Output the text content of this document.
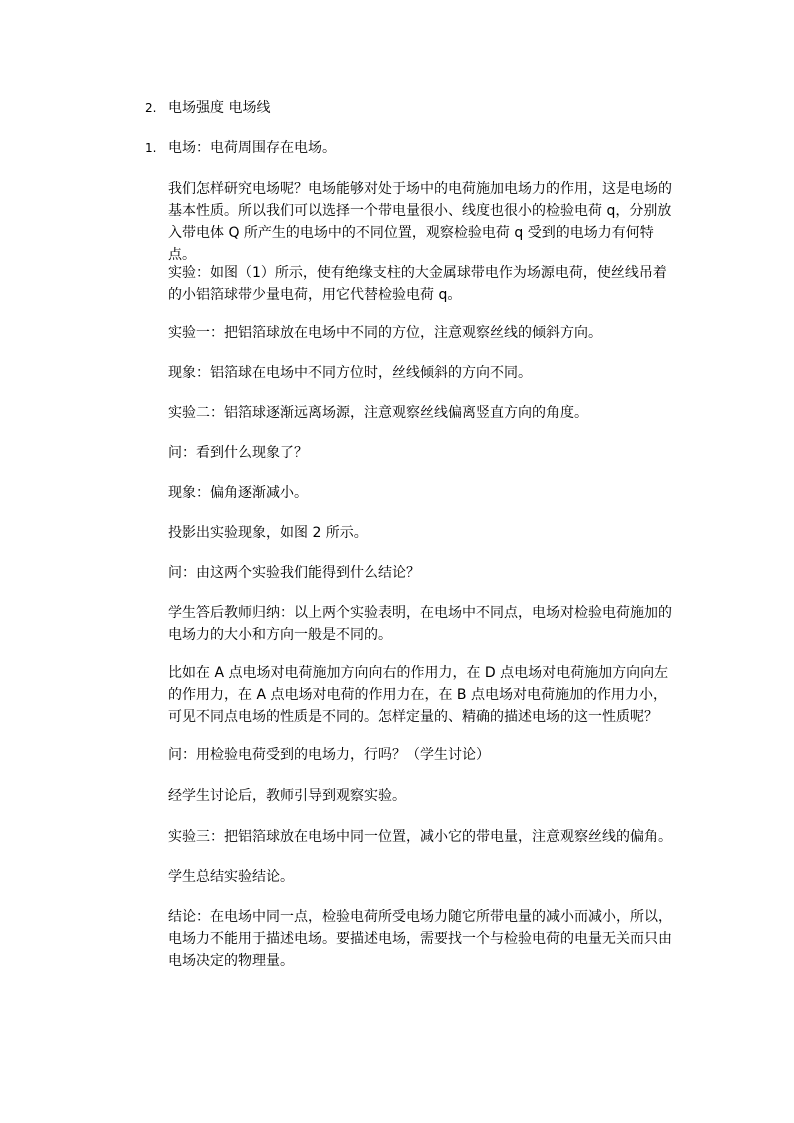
2. 电场强度 电场线
1. 电场：电荷周围存在电场。
我们怎样研究电场呢？电场能够对处于场中的电荷施加电场力的作用，这是电场的基本性质。所以我们可以选择一个带电量很小、线度也很小的检验电荷 q，分别放入带电体 Q 所产生的电场中的不同位置，观察检验电荷 q 受到的电场力有何特点。
实验：如图（1）所示，使有绝缘支柱的大金属球带电作为场源电荷，使丝线吊着的小铝箔球带少量电荷，用它代替检验电荷 q。
实验一：把铝箔球放在电场中不同的方位，注意观察丝线的倾斜方向。
现象：铝箔球在电场中不同方位时，丝线倾斜的方向不同。
实验二：铝箔球逐渐远离场源，注意观察丝线偏离竖直方向的角度。
问：看到什么现象了？
现象：偏角逐渐减小。
投影出实验现象，如图 2 所示。
问：由这两个实验我们能得到什么结论？
学生答后教师归纳：以上两个实验表明，在电场中不同点，电场对检验电荷施加的电场力的大小和方向一般是不同的。
比如在 A 点电场对电荷施加方向向右的作用力，在 D 点电场对电荷施加方向向左的作用力，在 A 点电场对电荷的作用力在，在 B 点电场对电荷施加的作用力小，可见不同点电场的性质是不同的。怎样定量的、精确的描述电场的这一性质呢？
问：用检验电荷受到的电场力，行吗？（学生讨论）
经学生讨论后，教师引导到观察实验。
实验三：把铝箔球放在电场中同一位置，减小它的带电量，注意观察丝线的偏角。
学生总结实验结论。
结论：在电场中同一点，检验电荷所受电场力随它所带电量的减小而减小，所以，电场力不能用于描述电场。要描述电场，需要找一个与检验电荷的电量无关而只由电场决定的物理量。
